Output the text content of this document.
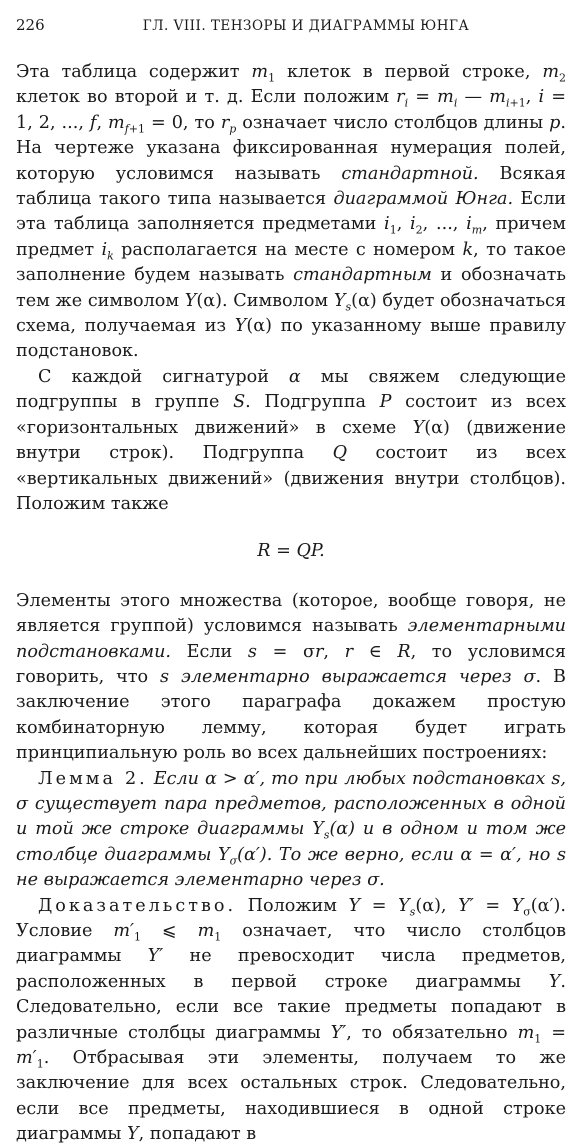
226	ГЛ. VIII. ТЕНЗОРЫ И ДИАГРАММЫ ЮНГА

Эта таблица содержит $m_1$ клеток в первой строке, $m_2$ клеток во второй и т. д. Если положим $r_i = m_i$ — $m_{i+1}$, i = 1, 2, ..., f, $m_{f+1} = 0$, то $r_p$ означает число столбцов длины p. На чертеже указана фиксированная нумерация полей, которую условимся называть стандартной. Всякая таблица такого типа называется диаграммой Юнга. Если эта таблица заполняется предметами $i_1$, $i_2$, ..., $i_m$, причем предмет $i_k$ располагается на месте с номером k, то такое заполнение будем называть стандартным и обозначать тем же символом Y(α). Символом $Y_s(\alpha)$ будет обозначаться схема, получаемая из Y(α) по указанному выше правилу подстановок.

С каждой сигнатурой α мы свяжем следующие подгруппы в группе S. Подгруппа P состоит из всех «горизонтальных движений» в схеме Y(α) (движение внутри строк). Подгруппа Q состоит из всех «вертикальных движений» (движения внутри столбцов). Положим также

R = QP.

Элементы этого множества (которое, вообще говоря, не является группой) условимся называть элементарными подстановками. Если s = σr, r ∈ R, то условимся говорить, что s элементарно выражается через σ. В заключение этого параграфа докажем простую комбинаторную лемму, которая будет играть принципиальную роль во всех дальнейших построениях:

Лемма 2. Если α > α′, то при любых подстановках s, σ существует пара предметов, расположенных в одной и той же строке диаграммы $Y_s(\alpha)$ и в одном и том же столбце диаграммы $Y_\sigma(\alpha')$. То же верно, если α = α′, но s не выражается элементарно через σ.

Доказательство. Положим $Y = Y_s(\alpha)$, $Y' = Y_\sigma(\alpha')$. Условие $m'_1$ ⩽ $m_1$ означает, что число столбцов диаграммы Y′ не превосходит числа предметов, расположенных в первой строке диаграммы Y. Следовательно, если все такие предметы попадают в различные столбцы диаграммы Y′, то обязательно $m_1 = m'_1$. Отбрасывая эти элементы, получаем то же заключение для всех остальных строк. Следовательно, если все предметы, находившиеся в одной строке диаграммы Y, попадают в
